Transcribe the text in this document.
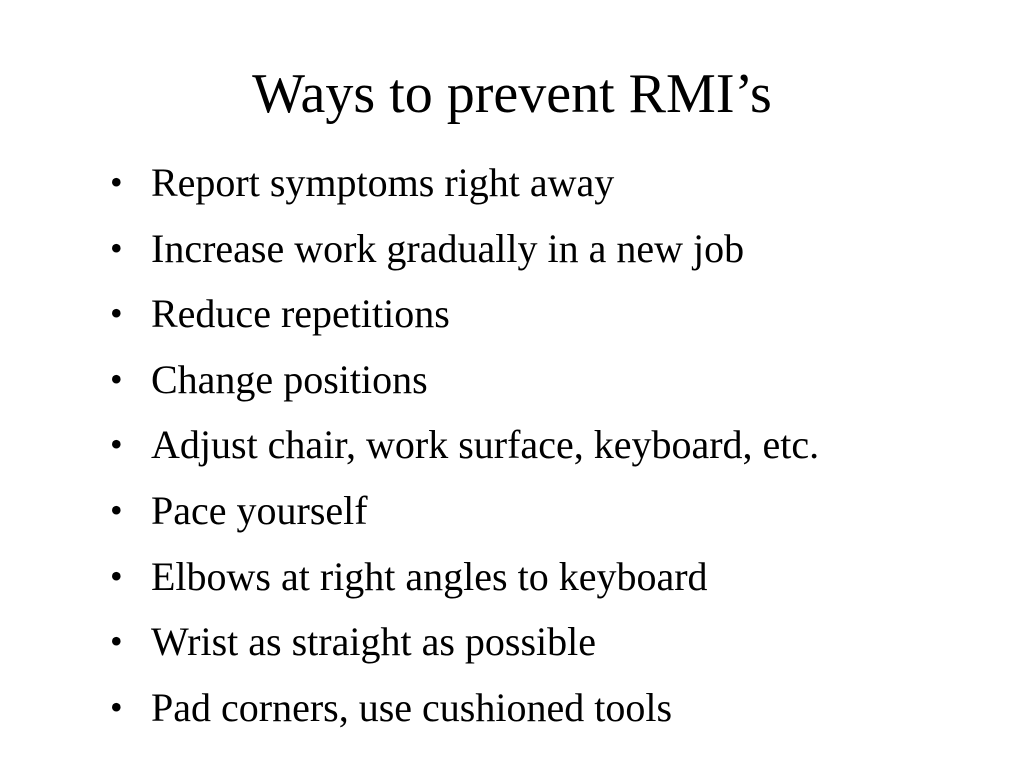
Ways to prevent RMI’s
• Report symptoms right away
• Increase work gradually in a new job
• Reduce repetitions
• Change positions
• Adjust chair, work surface, keyboard, etc.
• Pace yourself
• Elbows at right angles to keyboard
• Wrist as straight as possible
• Pad corners, use cushioned tools
